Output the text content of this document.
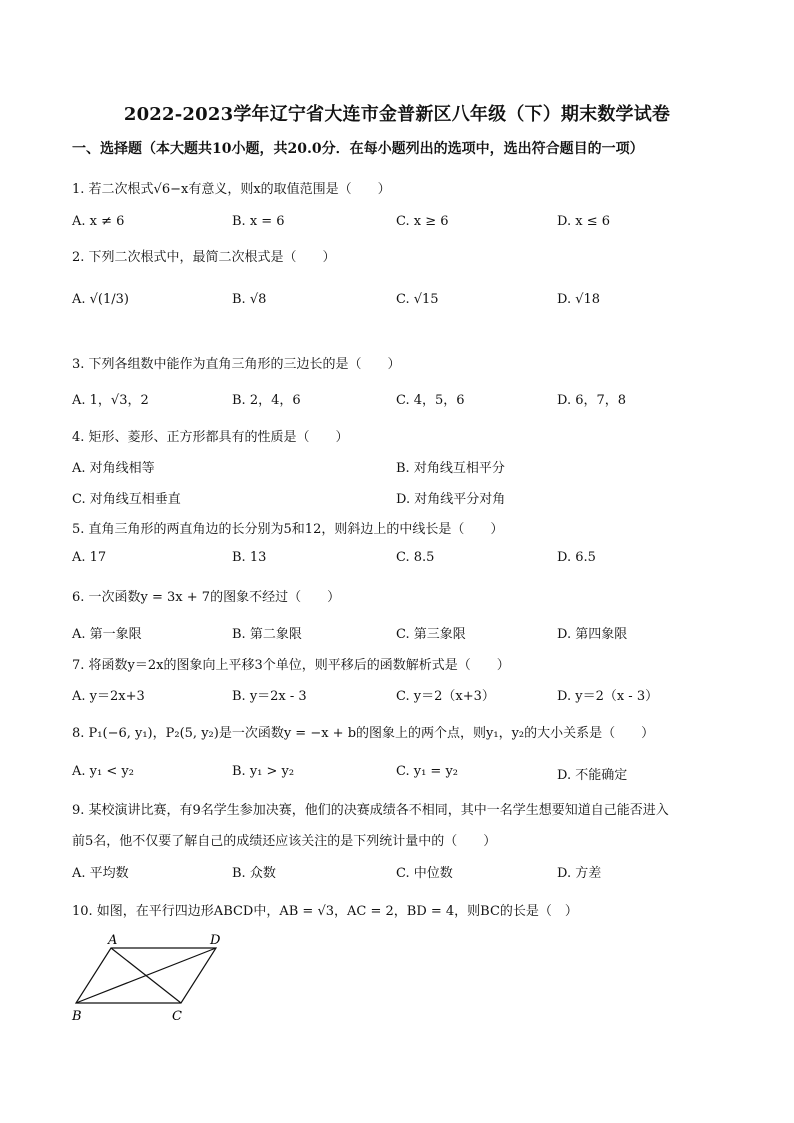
2022-2023学年辽宁省大连市金普新区八年级（下）期末数学试卷
一、选择题（本大题共10小题，共20.0分．在每小题列出的选项中，选出符合题目的一项）
1. 若二次根式√6−x有意义，则x的取值范围是（　　）
A. x ≠ 6	B. x = 6	C. x ≥ 6	D. x ≤ 6
2. 下列二次根式中，最简二次根式是（　　）
A. √(1/3)	B. √8	C. √15	D. √18
3. 下列各组数中能作为直角三角形的三边长的是（　　）
A. 1，√3，2	B. 2，4，6	C. 4，5，6	D. 6，7，8
4. 矩形、菱形、正方形都具有的性质是（　　）
A. 对角线相等	B. 对角线互相平分
C. 对角线互相垂直	D. 对角线平分对角
5. 直角三角形的两直角边的长分别为5和12，则斜边上的中线长是（　　）
A. 17	B. 13	C. 8.5	D. 6.5
6. 一次函数y = 3x + 7的图象不经过（　　）
A. 第一象限	B. 第二象限	C. 第三象限	D. 第四象限
7. 将函数y＝2x的图象向上平移3个单位，则平移后的函数解析式是（　　）
A. y＝2x+3	B. y＝2x - 3	C. y＝2（x+3）	D. y＝2（x - 3）
8. P₁(−6, y₁)，P₂(5, y₂)是一次函数y = −x + b的图象上的两个点，则y₁，y₂的大小关系是（　　）
A. y₁ < y₂	B. y₁ > y₂	C. y₁ = y₂	D. 不能确定
9. 某校演讲比赛，有9名学生参加决赛，他们的决赛成绩各不相同，其中一名学生想要知道自己能否进入
前5名，他不仅要了解自己的成绩还应该关注的是下列统计量中的（　　）
A. 平均数	B. 众数	C. 中位数	D. 方差
10. 如图，在平行四边形ABCD中，AB = √3，AC = 2，BD = 4，则BC的长是（　）
A	D
B	C
